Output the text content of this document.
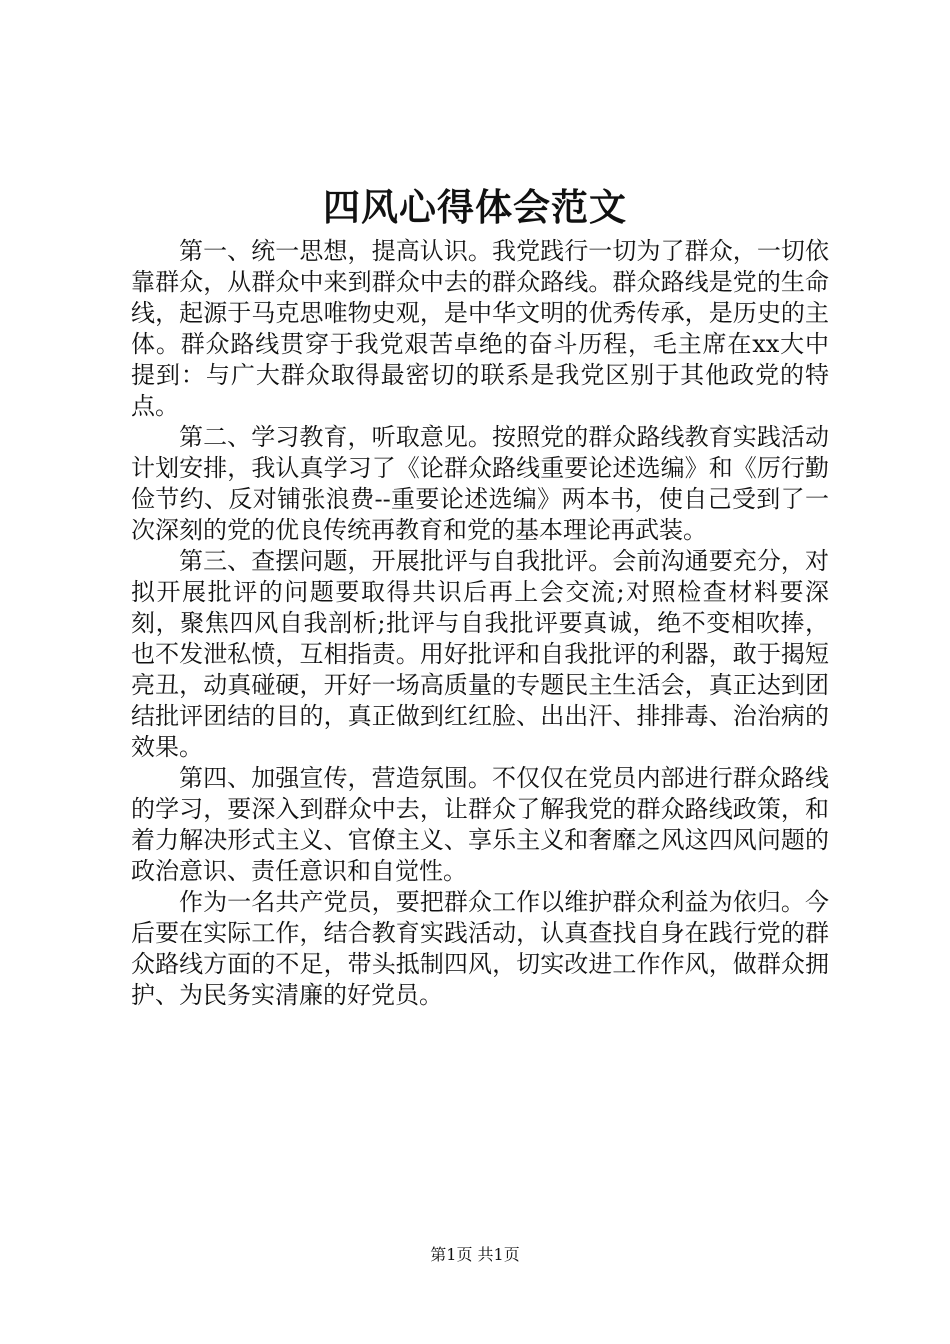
四风心得体会范文

第一、统一思想，提高认识。我党践行一切为了群众，一切依靠群众，从群众中来到群众中去的群众路线。群众路线是党的生命线，起源于马克思唯物史观，是中华文明的优秀传承，是历史的主体。群众路线贯穿于我党艰苦卓绝的奋斗历程，毛主席在xx大中提到：与广大群众取得最密切的联系是我党区别于其他政党的特点。

第二、学习教育，听取意见。按照党的群众路线教育实践活动计划安排，我认真学习了《论群众路线重要论述选编》和《厉行勤俭节约、反对铺张浪费--重要论述选编》两本书，使自己受到了一次深刻的党的优良传统再教育和党的基本理论再武装。

第三、查摆问题，开展批评与自我批评。会前沟通要充分，对拟开展批评的问题要取得共识后再上会交流;对照检查材料要深刻，聚焦四风自我剖析;批评与自我批评要真诚，绝不变相吹捧，也不发泄私愤，互相指责。用好批评和自我批评的利器，敢于揭短亮丑，动真碰硬，开好一场高质量的专题民主生活会，真正达到团结批评团结的目的，真正做到红红脸、出出汗、排排毒、治治病的效果。

第四、加强宣传，营造氛围。不仅仅在党员内部进行群众路线的学习，要深入到群众中去，让群众了解我党的群众路线政策，和着力解决形式主义、官僚主义、享乐主义和奢靡之风这四风问题的政治意识、责任意识和自觉性。

作为一名共产党员，要把群众工作以维护群众利益为依归。今后要在实际工作，结合教育实践活动，认真查找自身在践行党的群众路线方面的不足，带头抵制四风，切实改进工作作风，做群众拥护、为民务实清廉的好党员。

第1页 共1页
